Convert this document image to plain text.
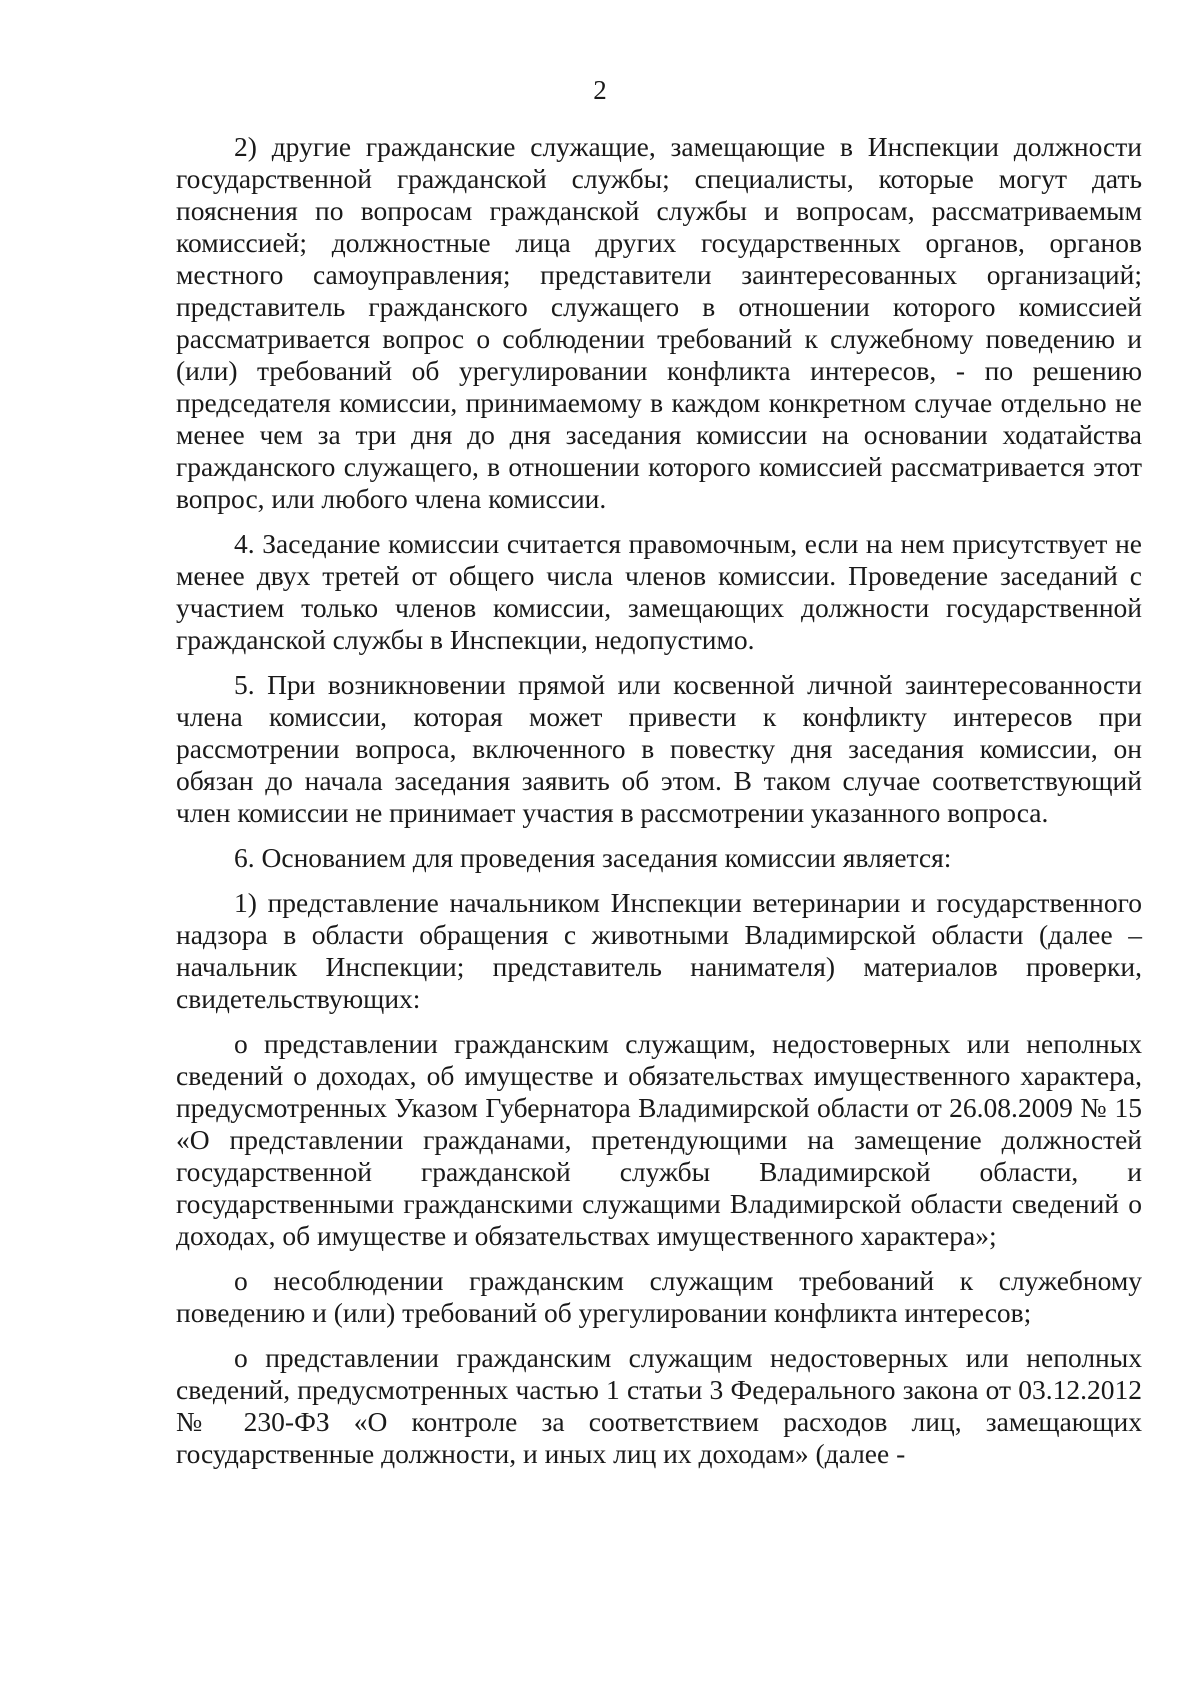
2

2) другие гражданские служащие, замещающие в Инспекции должности государственной гражданской службы; специалисты, которые могут дать пояснения по вопросам гражданской службы и вопросам, рассматриваемым комиссией; должностные лица других государственных органов, органов местного самоуправления; представители заинтересованных организаций; представитель гражданского служащего в отношении которого комиссией рассматривается вопрос о соблюдении требований к служебному поведению и (или) требований об урегулировании конфликта интересов, - по решению председателя комиссии, принимаемому в каждом конкретном случае отдельно не менее чем за три дня до дня заседания комиссии на основании ходатайства гражданского служащего, в отношении которого комиссией рассматривается этот вопрос, или любого члена комиссии.

4. Заседание комиссии считается правомочным, если на нем присутствует не менее двух третей от общего числа членов комиссии. Проведение заседаний с участием только членов комиссии, замещающих должности государственной гражданской службы в Инспекции, недопустимо.

5. При возникновении прямой или косвенной личной заинтересованности члена комиссии, которая может привести к конфликту интересов при рассмотрении вопроса, включенного в повестку дня заседания комиссии, он обязан до начала заседания заявить об этом. В таком случае соответствующий член комиссии не принимает участия в рассмотрении указанного вопроса.

6. Основанием для проведения заседания комиссии является:

1) представление начальником Инспекции ветеринарии и государственного надзора в области обращения с животными Владимирской области (далее – начальник Инспекции; представитель нанимателя) материалов проверки, свидетельствующих:

о представлении гражданским служащим, недостоверных или неполных сведений о доходах, об имуществе и обязательствах имущественного характера, предусмотренных Указом Губернатора Владимирской области от 26.08.2009 № 15 «О представлении гражданами, претендующими на замещение должностей государственной гражданской службы Владимирской области, и государственными гражданскими служащими Владимирской области сведений о доходах, об имуществе и обязательствах имущественного характера»;

о несоблюдении гражданским служащим требований к служебному поведению и (или) требований об урегулировании конфликта интересов;

о представлении гражданским служащим недостоверных или неполных сведений, предусмотренных частью 1 статьи 3 Федерального закона от 03.12.2012 № 230-ФЗ «О контроле за соответствием расходов лиц, замещающих государственные должности, и иных лиц их доходам» (далее -
